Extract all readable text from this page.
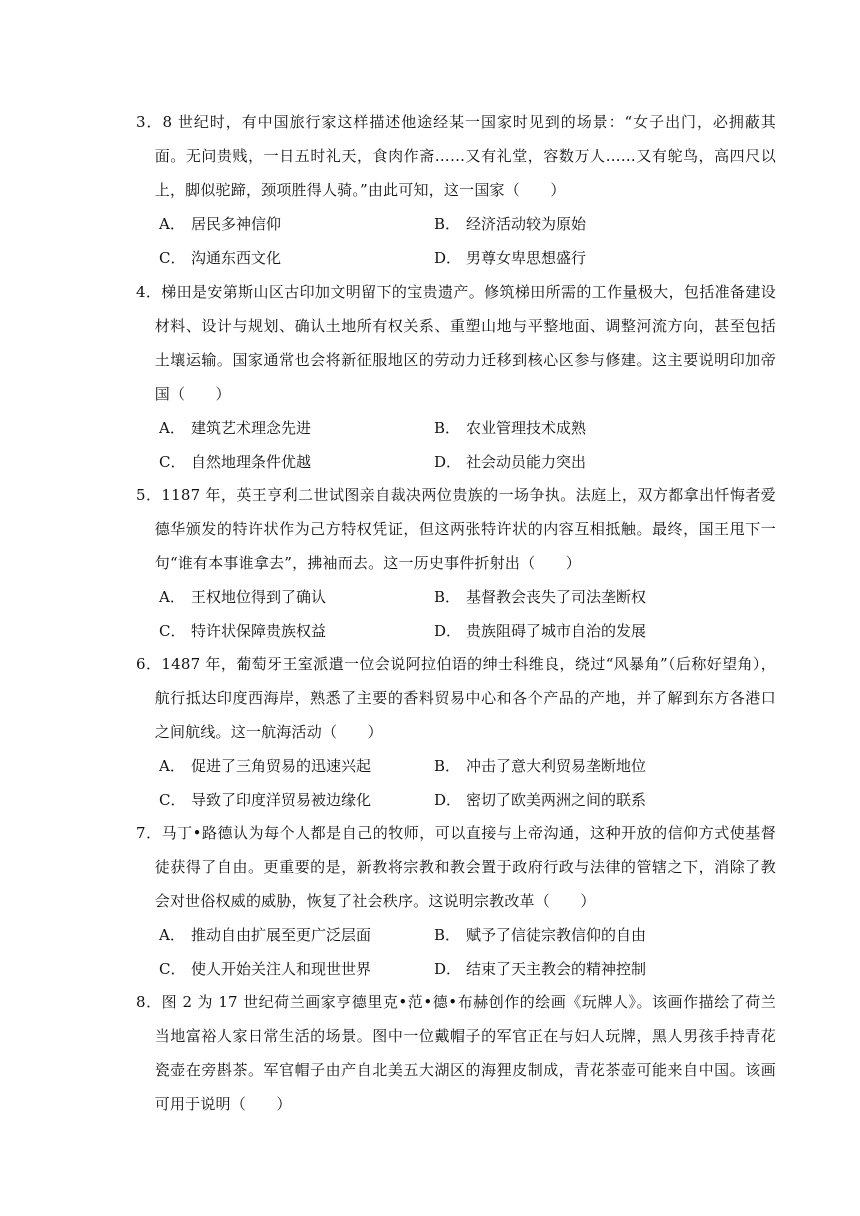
3．8 世纪时，有中国旅行家这样描述他途经某一国家时见到的场景：“女子出门，必拥蔽其面。无问贵贱，一日五时礼天，食肉作斋……又有礼堂，容数万人……又有鸵鸟，高四尺以上，脚似驼蹄，颈项胜得人骑。”由此可知，这一国家（　　）

A． 居民多神信仰	B． 经济活动较为原始
C． 沟通东西文化	D． 男尊女卑思想盛行

4．梯田是安第斯山区古印加文明留下的宝贵遗产。修筑梯田所需的工作量极大，包括准备建设材料、设计与规划、确认土地所有权关系、重塑山地与平整地面、调整河流方向，甚至包括土壤运输。国家通常也会将新征服地区的劳动力迁移到核心区参与修建。这主要说明印加帝国（　　）

A． 建筑艺术理念先进	B． 农业管理技术成熟
C． 自然地理条件优越	D． 社会动员能力突出

5．1187 年，英王亨利二世试图亲自裁决两位贵族的一场争执。法庭上，双方都拿出忏悔者爱德华颁发的特许状作为己方特权凭证，但这两张特许状的内容互相抵触。最终，国王甩下一句“谁有本事谁拿去”，拂袖而去。这一历史事件折射出（　　）

A． 王权地位得到了确认	B． 基督教会丧失了司法垄断权
C． 特许状保障贵族权益	D． 贵族阻碍了城市自治的发展

6．1487 年，葡萄牙王室派遣一位会说阿拉伯语的绅士科维良，绕过“风暴角”（后称好望角），航行抵达印度西海岸，熟悉了主要的香料贸易中心和各个产品的产地，并了解到东方各港口之间航线。这一航海活动（　　）

A． 促进了三角贸易的迅速兴起	B． 冲击了意大利贸易垄断地位
C． 导致了印度洋贸易被边缘化	D． 密切了欧美两洲之间的联系

7．马丁•路德认为每个人都是自己的牧师，可以直接与上帝沟通，这种开放的信仰方式使基督徒获得了自由。更重要的是，新教将宗教和教会置于政府行政与法律的管辖之下，消除了教会对世俗权威的威胁，恢复了社会秩序。这说明宗教改革（　　）

A． 推动自由扩展至更广泛层面	B． 赋予了信徒宗教信仰的自由
C． 使人开始关注人和现世世界	D． 结束了天主教会的精神控制

8．图 2 为 17 世纪荷兰画家亨德里克•范•德•布赫创作的绘画《玩牌人》。该画作描绘了荷兰当地富裕人家日常生活的场景。图中一位戴帽子的军官正在与妇人玩牌，黑人男孩手持青花瓷壶在旁斟茶。军官帽子由产自北美五大湖区的海狸皮制成，青花茶壶可能来自中国。该画可用于说明（　　）
